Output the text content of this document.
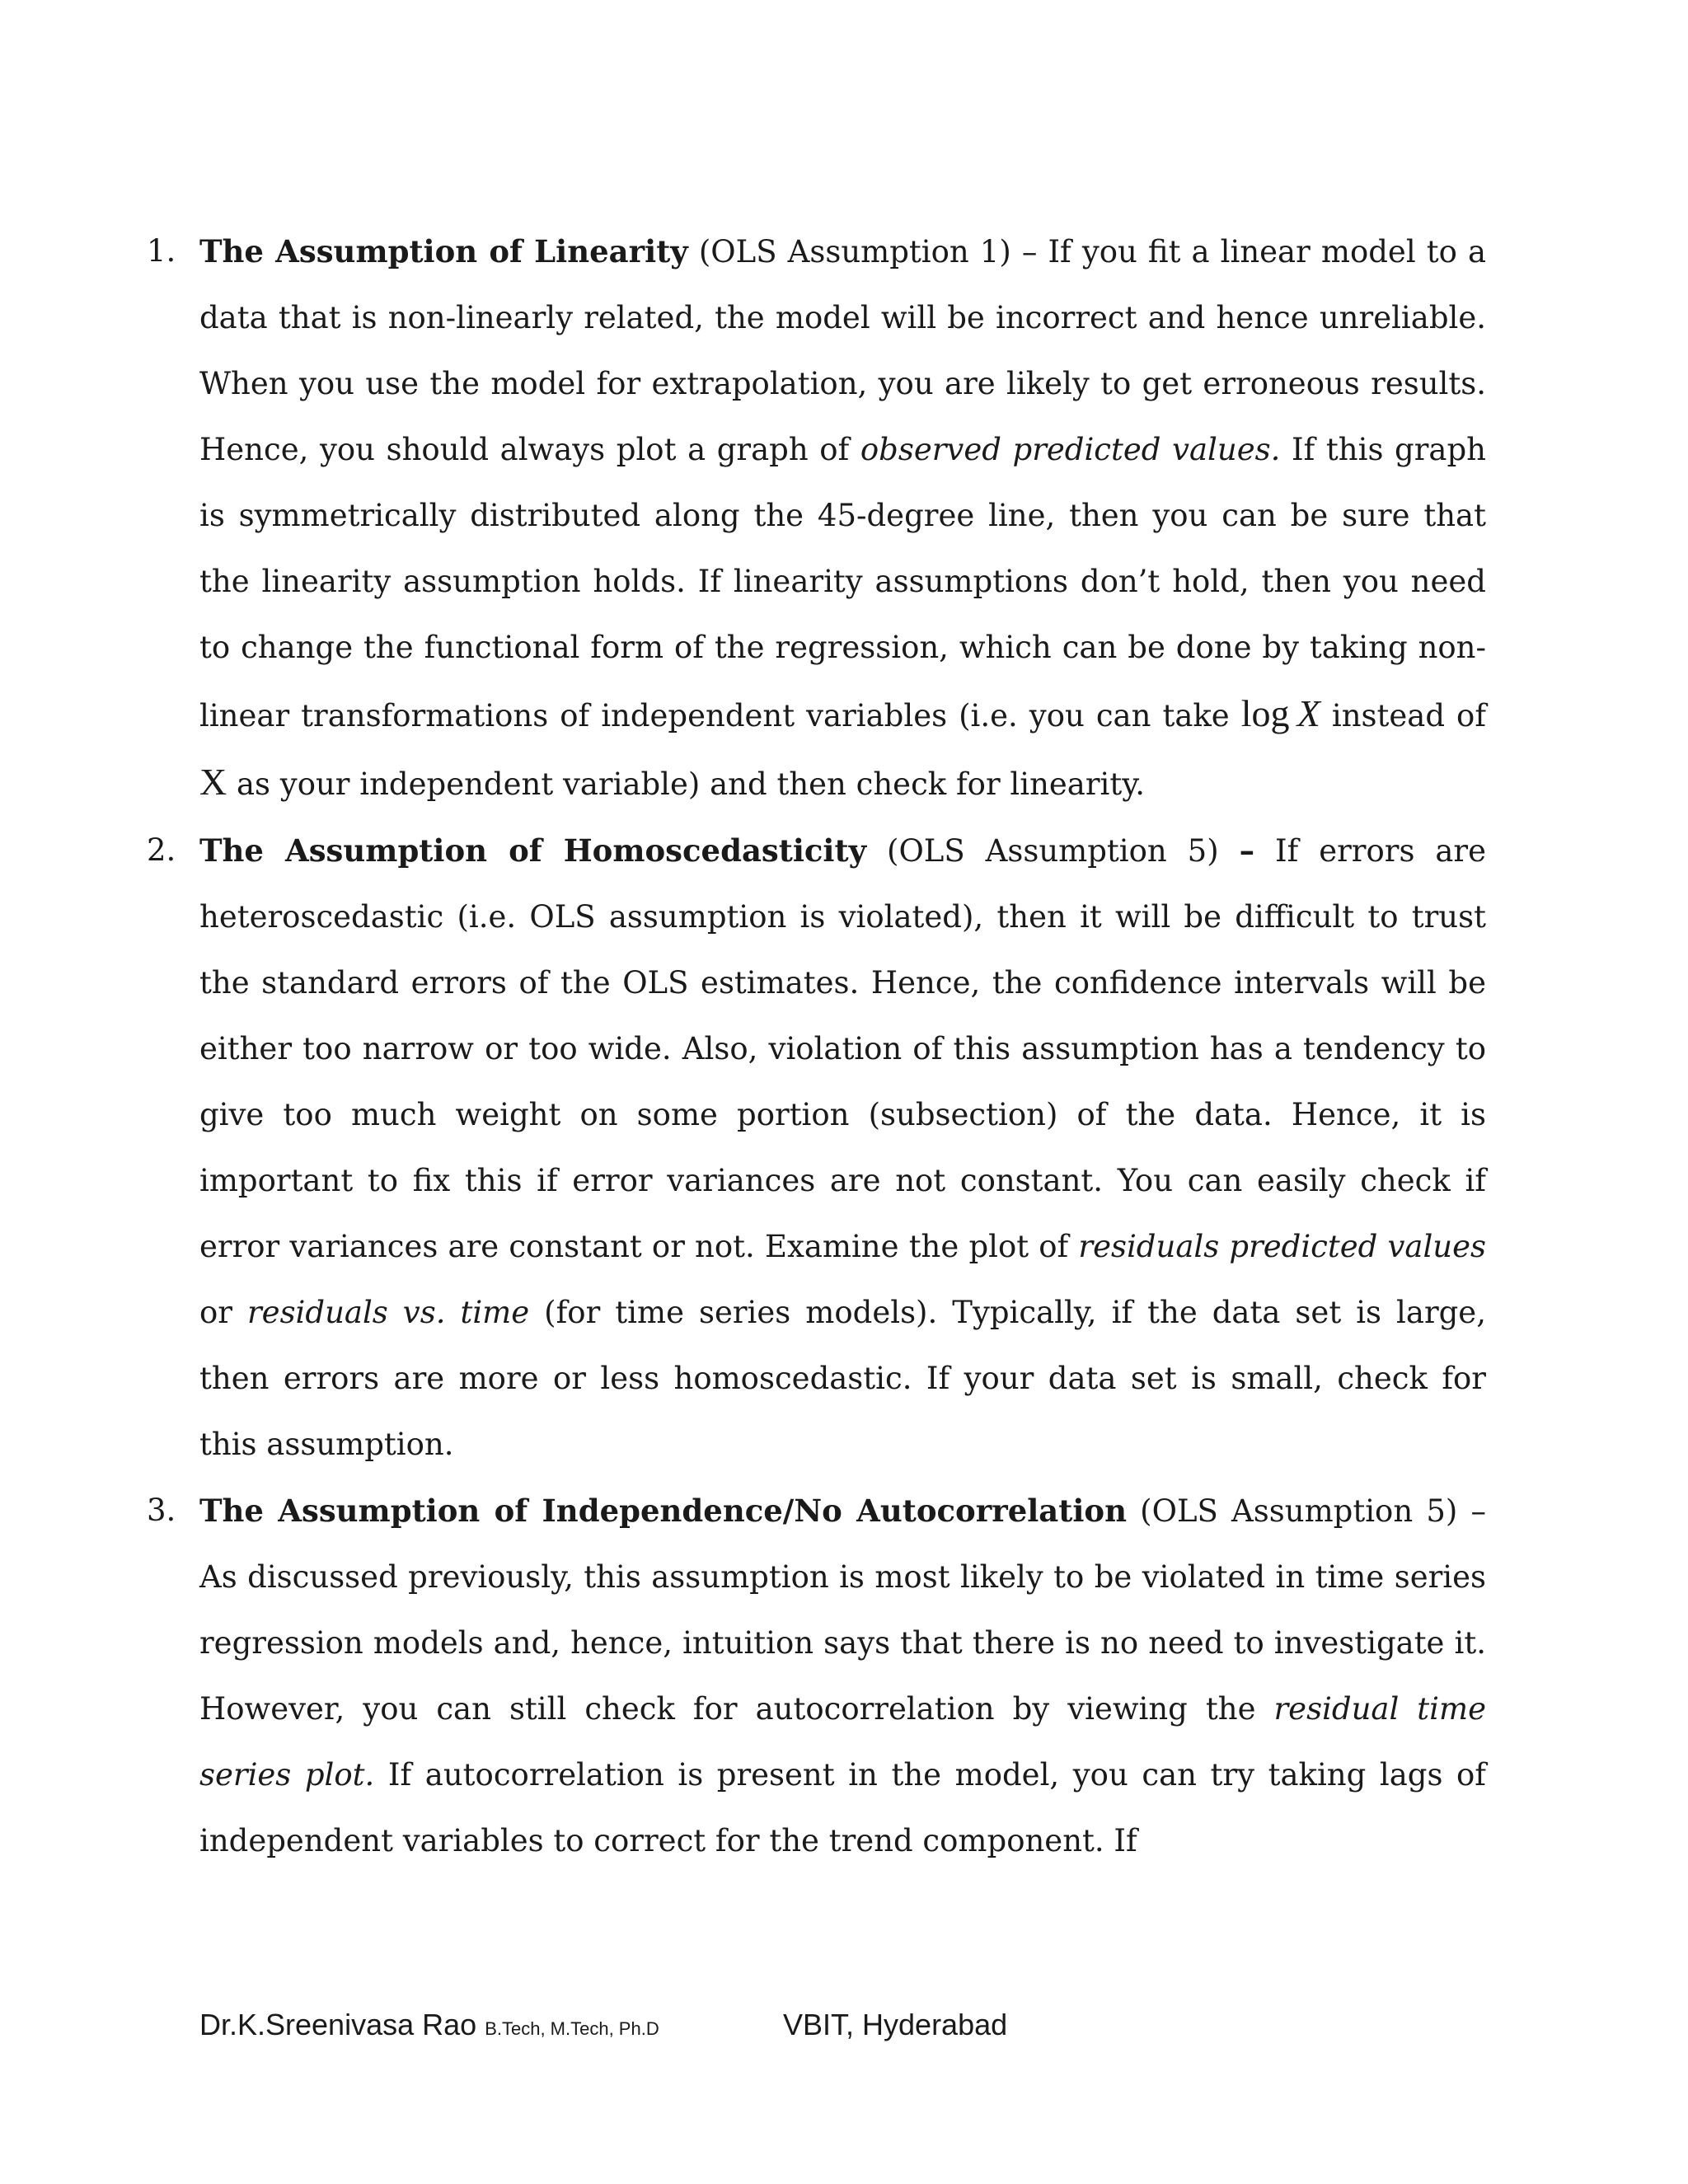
1. The Assumption of Linearity (OLS Assumption 1) – If you fit a linear model to a data that is non-linearly related, the model will be incorrect and hence unreliable. When you use the model for extrapolation, you are likely to get erroneous results. Hence, you should always plot a graph of observed predicted values. If this graph is symmetrically distributed along the 45-degree line, then you can be sure that the linearity assumption holds. If linearity assumptions don’t hold, then you need to change the functional form of the regression, which can be done by taking non-linear transformations of independent variables (i.e. you can take log  X instead of X as your independent variable) and then check for linearity.

2. The Assumption of Homoscedasticity (OLS Assumption 5) – If errors are heteroscedastic (i.e. OLS assumption is violated), then it will be difficult to trust the standard errors of the OLS estimates. Hence, the confidence intervals will be either too narrow or too wide. Also, violation of this assumption has a tendency to give too much weight on some portion (subsection) of the data. Hence, it is important to fix this if error variances are not constant. You can easily check if error variances are constant or not. Examine the plot of residuals predicted values or residuals vs. time (for time series models). Typically, if the data set is large, then errors are more or less homoscedastic. If your data set is small, check for this assumption.

3. The Assumption of Independence/No Autocorrelation (OLS Assumption 5) – As discussed previously, this assumption is most likely to be violated in time series regression models and, hence, intuition says that there is no need to investigate it. However, you can still check for autocorrelation by viewing the residual time series plot. If autocorrelation is present in the model, you can try taking lags of independent variables to correct for the trend component. If

Dr.K.Sreenivasa Rao B.Tech, M.Tech, Ph.D	VBIT, Hyderabad
